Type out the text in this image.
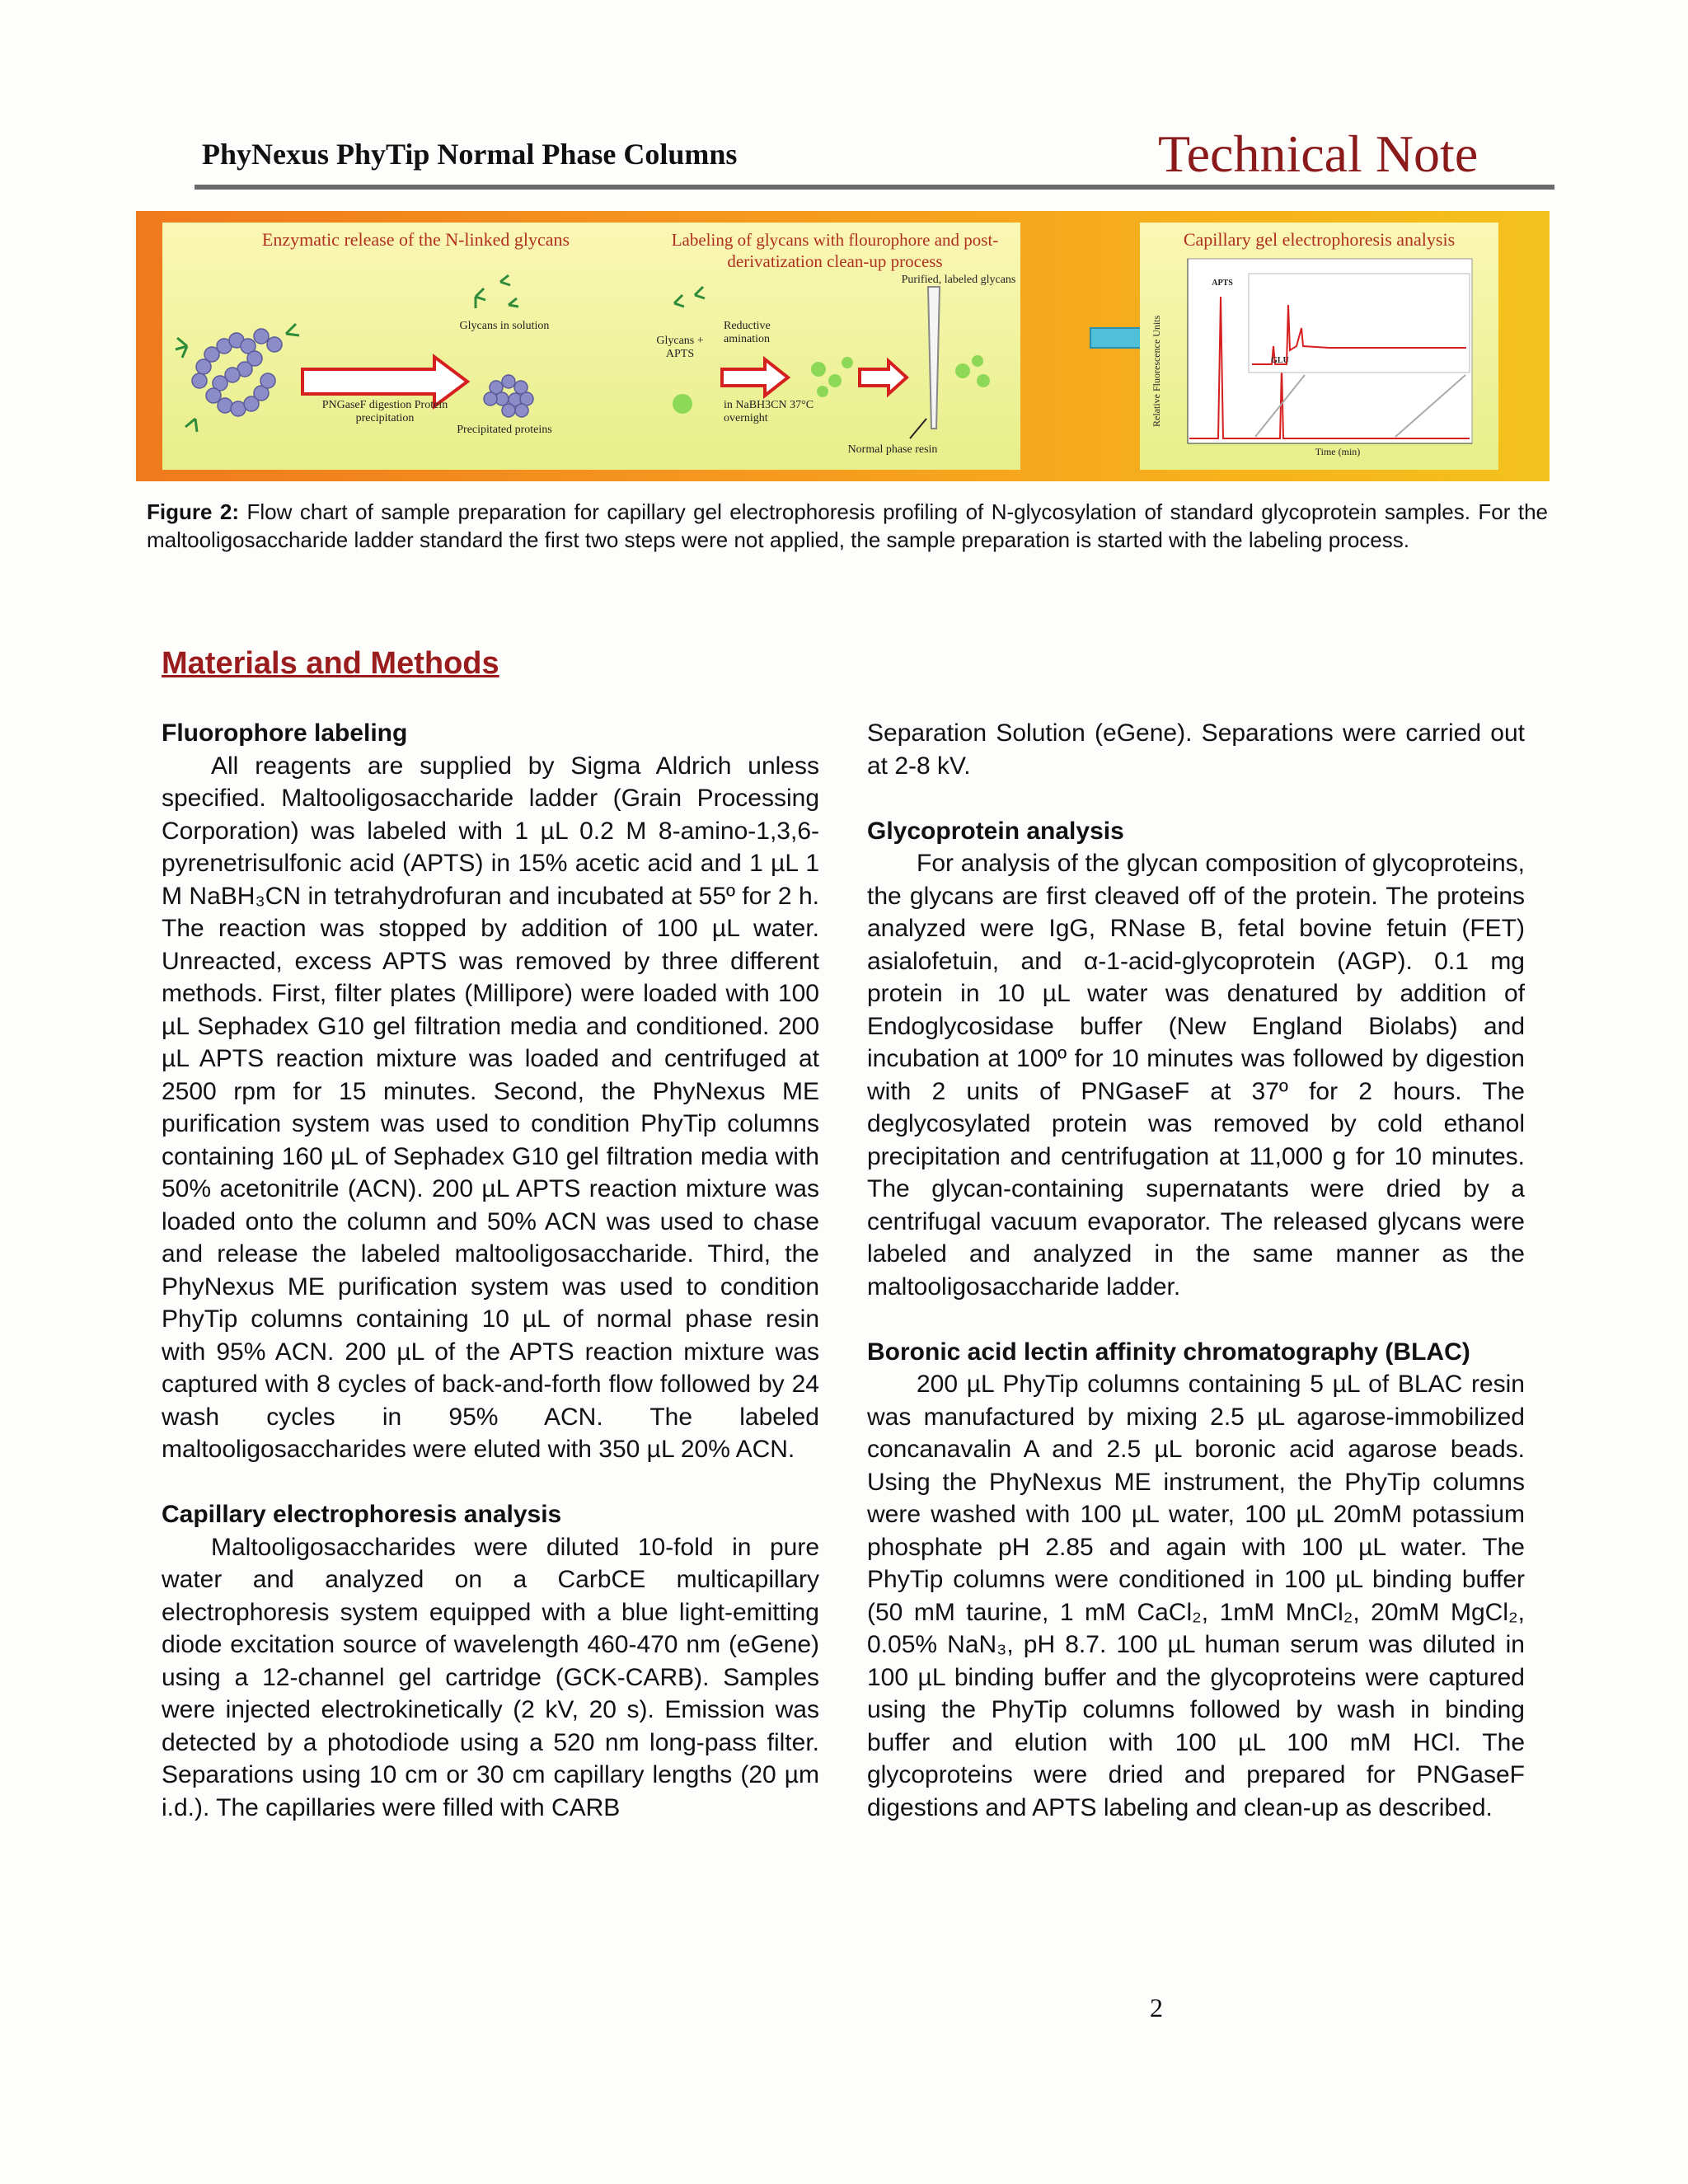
PhyNexus PhyTip Normal Phase Columns	Technical Note
Enzymatic release of the N-linked glycans
Glycans in solution
PNGaseF digestion Protein precipitation
Precipitated proteins
Labeling of glycans with flourophore and post-derivatization clean-up process
Purified, labeled glycans
Reductive amination
Glycans + APTS
in NaBH3CN 37°C overnight
Normal phase resin
Capillary gel electrophoresis analysis
Relative Fluorescence Units
Time (min)
APTS
GLU
Figure 2: Flow chart of sample preparation for capillary gel electrophoresis profiling of N-glycosylation of standard glycoprotein samples. For the maltooligosaccharide ladder standard the first two steps were not applied, the sample preparation is started with the labeling process.
Materials and Methods

Fluorophore labeling

All reagents are supplied by Sigma Aldrich unless specified. Maltooligosaccharide ladder (Grain Processing Corporation) was labeled with 1 µL 0.2 M 8-amino-1,3,6-pyrenetrisulfonic acid (APTS) in 15% acetic acid and 1 µL 1 M NaBH₃CN in tetrahydrofuran and incubated at 55º for 2 h. The reaction was stopped by addition of 100 µL water. Unreacted, excess APTS was removed by three different methods. First, filter plates (Millipore) were loaded with 100 µL Sephadex G10 gel filtration media and conditioned. 200 µL APTS reaction mixture was loaded and centrifuged at 2500 rpm for 15 minutes. Second, the PhyNexus ME purification system was used to condition PhyTip columns containing 160 µL of Sephadex G10 gel filtration media with 50% acetonitrile (ACN). 200 µL APTS reaction mixture was loaded onto the column and 50% ACN was used to chase and release the labeled maltooligosaccharide. Third, the PhyNexus ME purification system was used to condition PhyTip columns containing 10 µL of normal phase resin with 95% ACN. 200 µL of the APTS reaction mixture was captured with 8 cycles of back-and-forth flow followed by 24 wash cycles in 95% ACN. The labeled maltooligosaccharides were eluted with 350 µL 20% ACN.

Capillary electrophoresis analysis

Maltooligosaccharides were diluted 10-fold in pure water and analyzed on a CarbCE multicapillary electrophoresis system equipped with a blue light-emitting diode excitation source of wavelength 460-470 nm (eGene) using a 12-channel gel cartridge (GCK-CARB). Samples were injected electrokinetically (2 kV, 20 s). Emission was detected by a photodiode using a 520 nm long-pass filter. Separations using 10 cm or 30 cm capillary lengths (20 µm i.d.). The capillaries were filled with CARB

Separation Solution (eGene). Separations were carried out at 2-8 kV.

Glycoprotein analysis

For analysis of the glycan composition of glycoproteins, the glycans are first cleaved off of the protein. The proteins analyzed were IgG, RNase B, fetal bovine fetuin (FET) asialofetuin, and α-1-acid-glycoprotein (AGP). 0.1 mg protein in 10 µL water was denatured by addition of Endoglycosidase buffer (New England Biolabs) and incubation at 100º for 10 minutes was followed by digestion with 2 units of PNGaseF at 37º for 2 hours. The deglycosylated protein was removed by cold ethanol precipitation and centrifugation at 11,000 g for 10 minutes. The glycan-containing supernatants were dried by a centrifugal vacuum evaporator. The released glycans were labeled and analyzed in the same manner as the maltooligosaccharide ladder.

Boronic acid lectin affinity chromatography (BLAC)

200 µL PhyTip columns containing 5 µL of BLAC resin was manufactured by mixing 2.5 µL agarose-immobilized concanavalin A and 2.5 µL boronic acid agarose beads. Using the PhyNexus ME instrument, the PhyTip columns were washed with 100 µL water, 100 µL 20mM potassium phosphate pH 2.85 and again with 100 µL water. The PhyTip columns were conditioned in 100 µL binding buffer (50 mM taurine, 1 mM CaCl₂, 1mM MnCl₂, 20mM MgCl₂, 0.05% NaN₃, pH 8.7. 100 µL human serum was diluted in 100 µL binding buffer and the glycoproteins were captured using the PhyTip columns followed by wash in binding buffer and elution with 100 µL 100 mM HCl. The glycoproteins were dried and prepared for PNGaseF digestions and APTS labeling and clean-up as described.

2
